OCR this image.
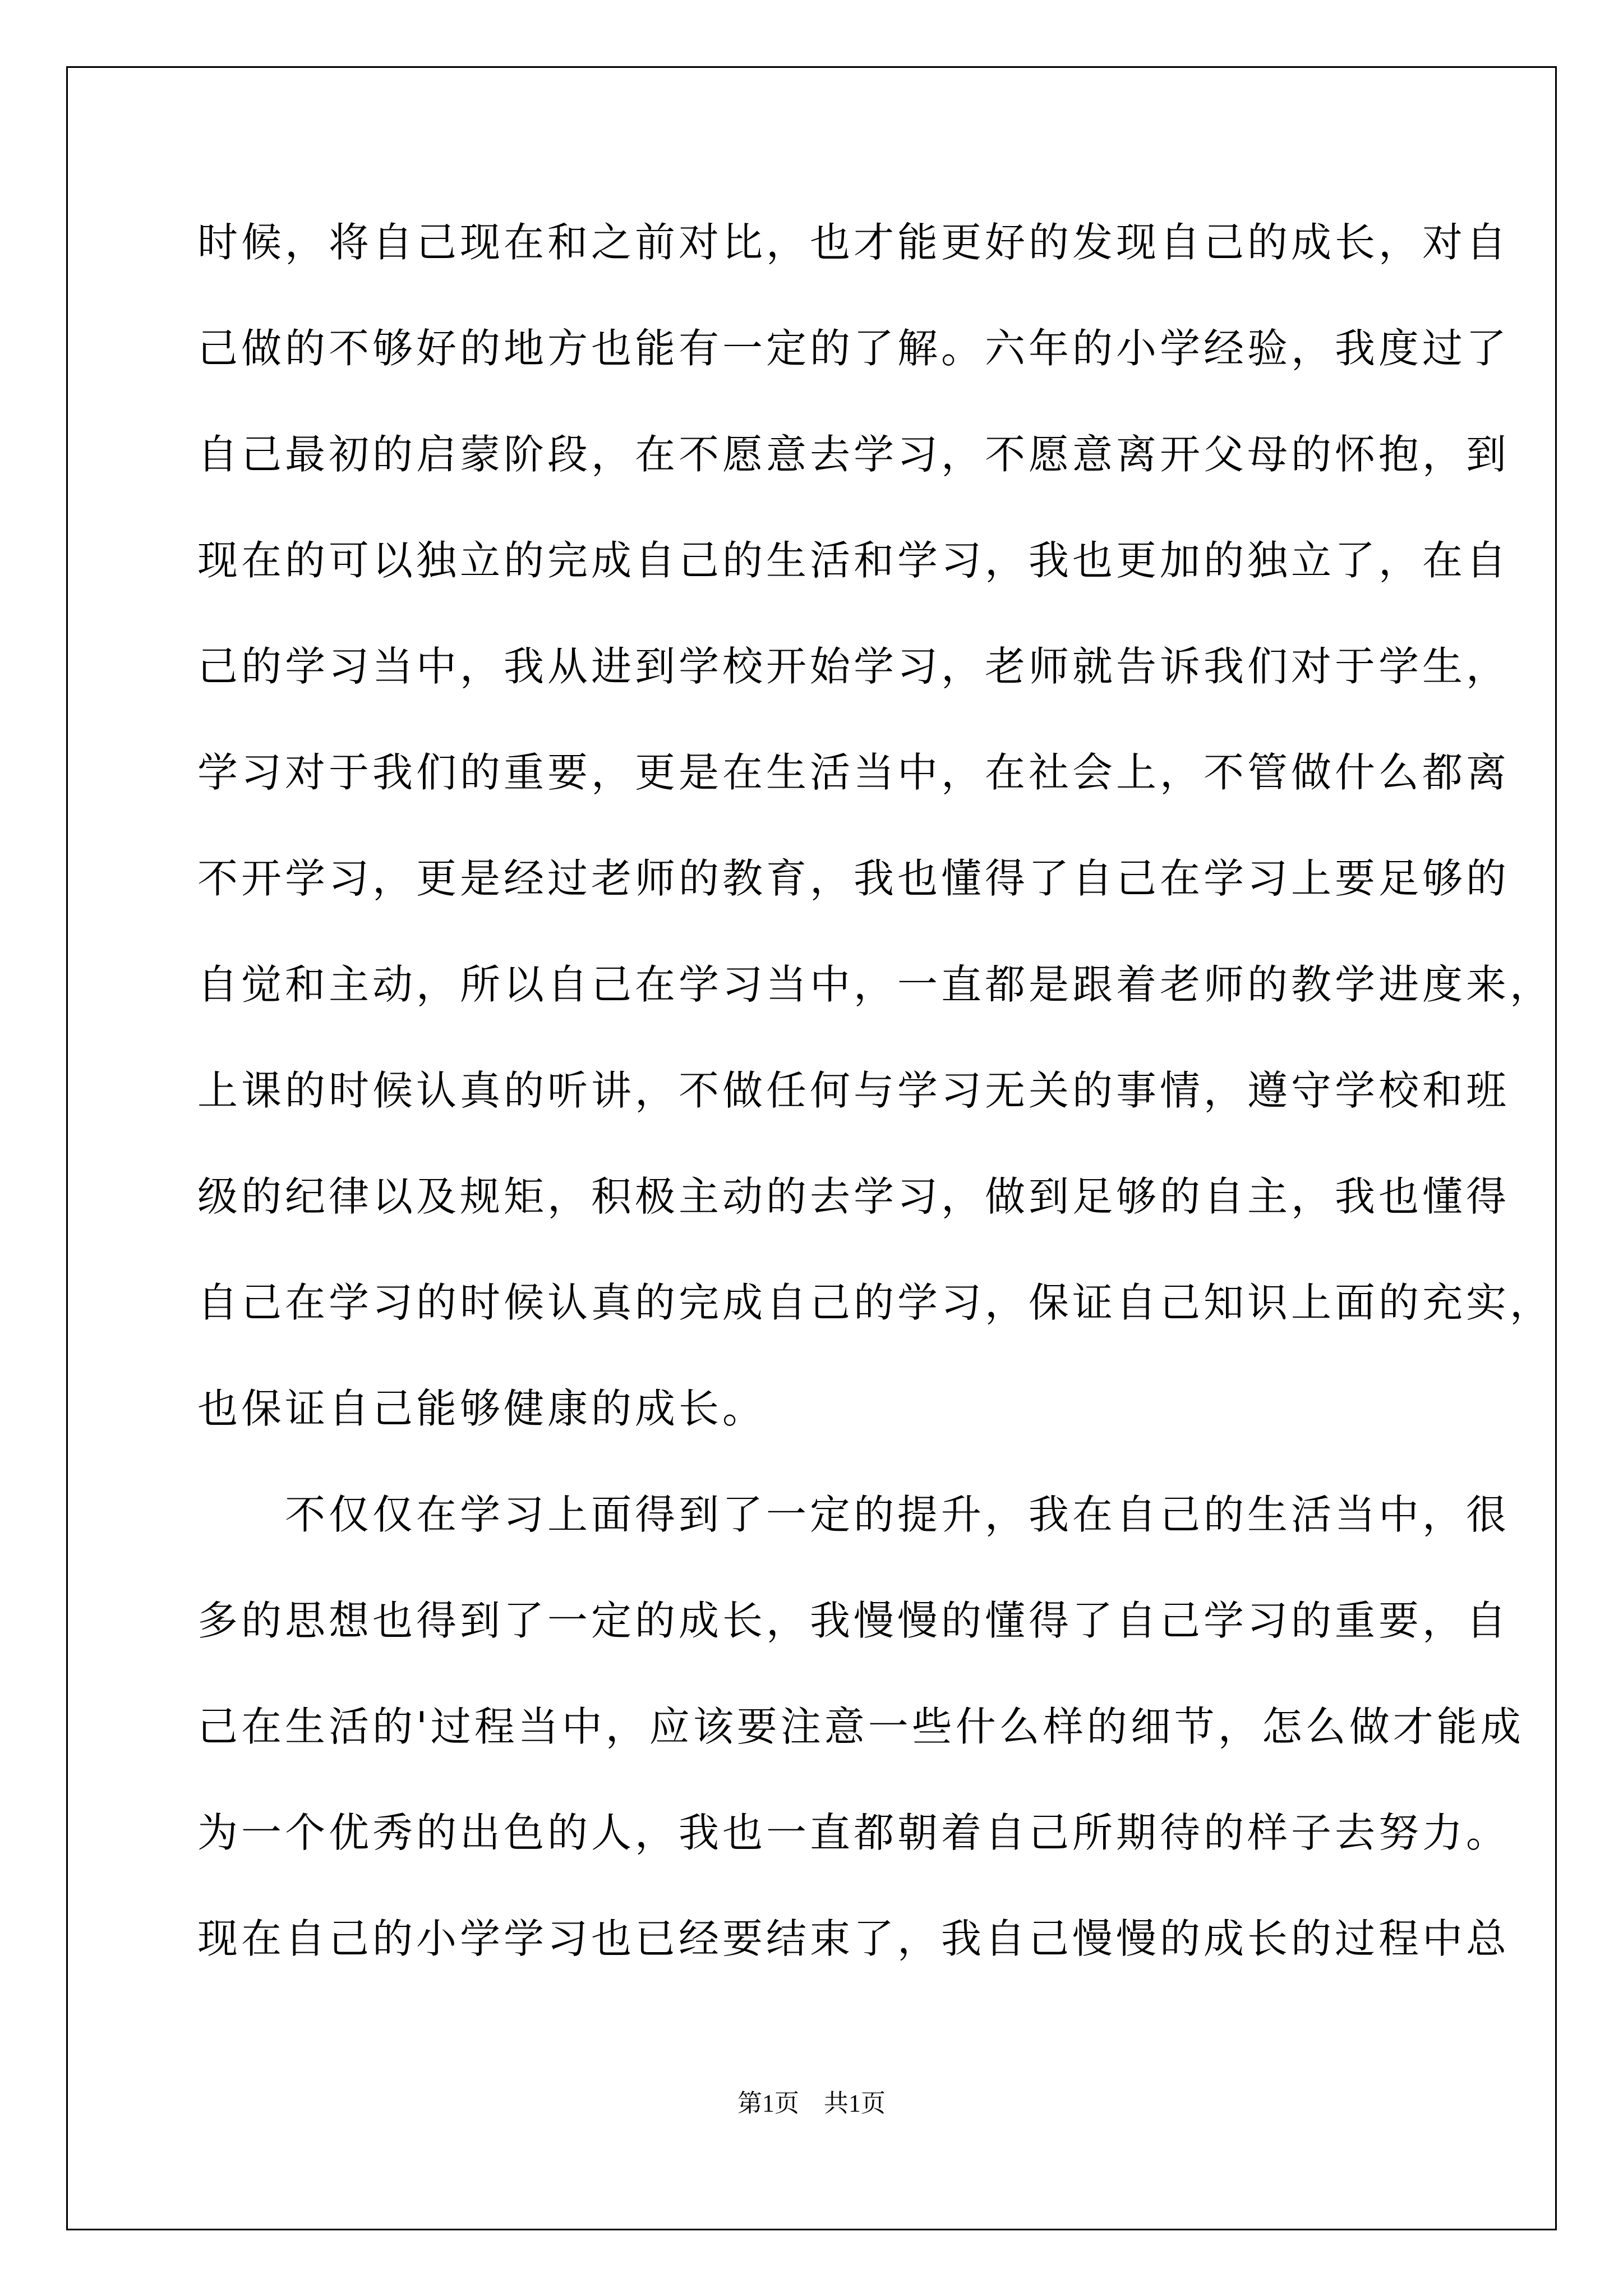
时候，将自己现在和之前对比，也才能更好的发现自己的成长，对自
己做的不够好的地方也能有一定的了解。六年的小学经验，我度过了
自己最初的启蒙阶段，在不愿意去学习，不愿意离开父母的怀抱，到
现在的可以独立的完成自己的生活和学习，我也更加的独立了，在自
己的学习当中，我从进到学校开始学习，老师就告诉我们对于学生，
学习对于我们的重要，更是在生活当中，在社会上，不管做什么都离
不开学习，更是经过老师的教育，我也懂得了自己在学习上要足够的
自觉和主动，所以自己在学习当中，一直都是跟着老师的教学进度来，
上课的时候认真的听讲，不做任何与学习无关的事情，遵守学校和班
级的纪律以及规矩，积极主动的去学习，做到足够的自主，我也懂得
自己在学习的时候认真的完成自己的学习，保证自己知识上面的充实，
也保证自己能够健康的成长。
　　不仅仅在学习上面得到了一定的提升，我在自己的生活当中，很
多的思想也得到了一定的成长，我慢慢的懂得了自己学习的重要，自
己在生活的'过程当中，应该要注意一些什么样的细节，怎么做才能成
为一个优秀的出色的人，我也一直都朝着自己所期待的样子去努力。
现在自己的小学学习也已经要结束了，我自己慢慢的成长的过程中总
第1页　共1页
